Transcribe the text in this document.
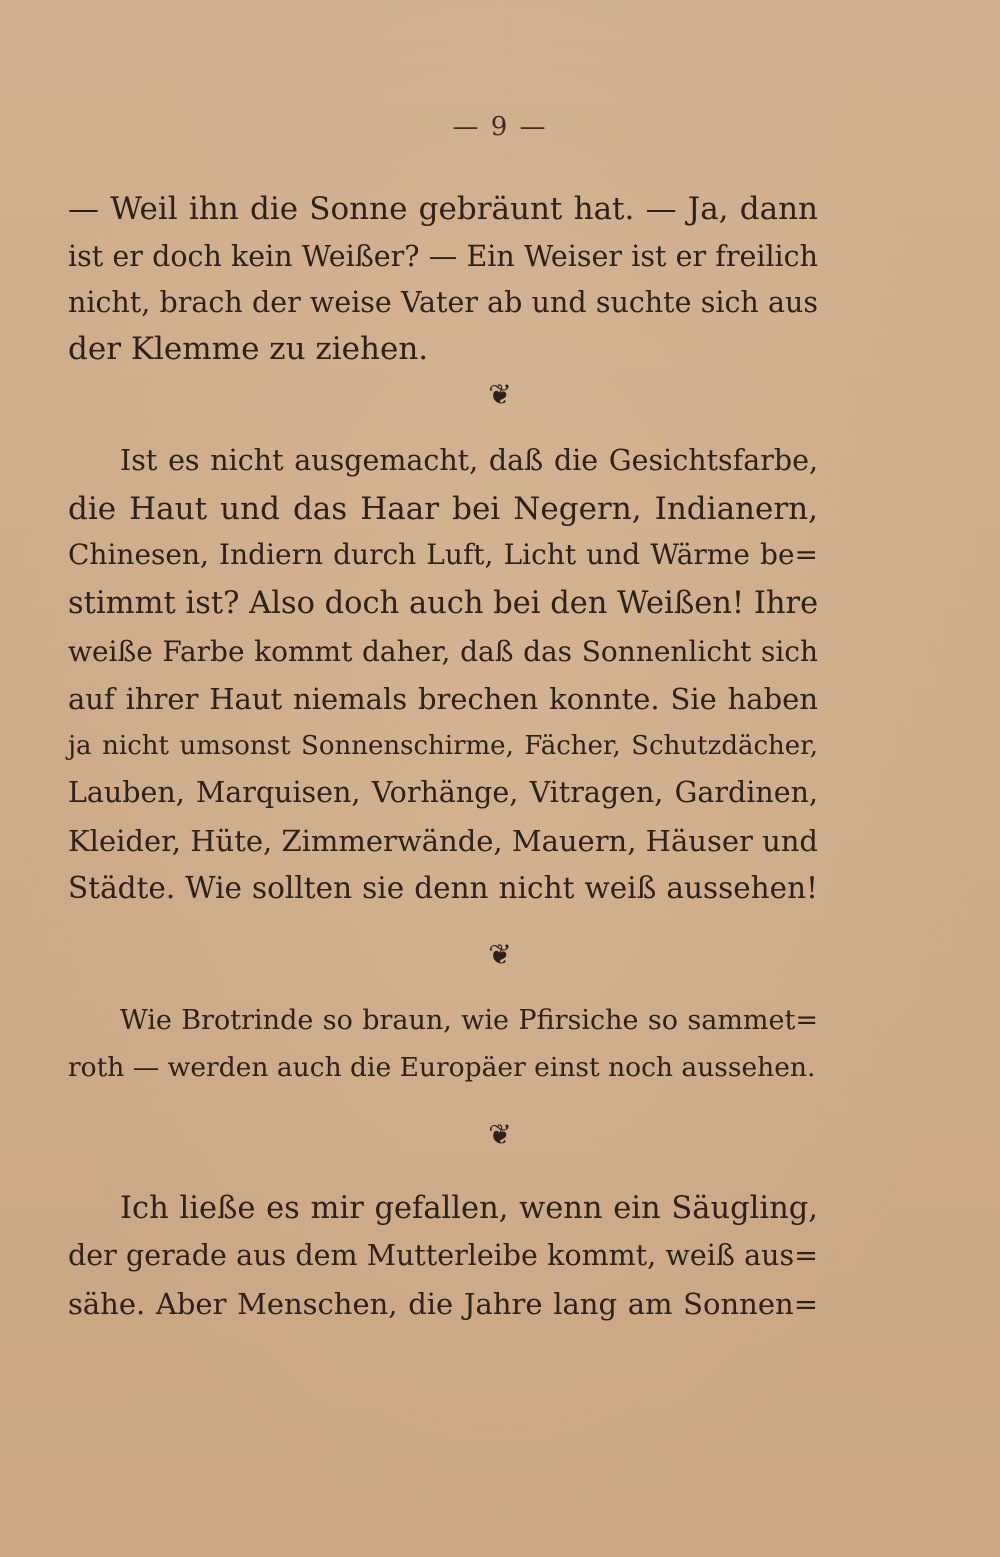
— 9 —
— Weil ihn die Sonne gebräunt hat. — Ja, dann
ist er doch kein Weißer? — Ein Weiser ist er freilich
nicht, brach der weise Vater ab und suchte sich aus
der Klemme zu ziehen.
❦
Ist es nicht ausgemacht, daß die Gesichtsfarbe,
die Haut und das Haar bei Negern, Indianern,
Chinesen, Indiern durch Luft, Licht und Wärme be=
stimmt ist? Also doch auch bei den Weißen! Ihre
weiße Farbe kommt daher, daß das Sonnenlicht sich
auf ihrer Haut niemals brechen konnte. Sie haben
ja nicht umsonst Sonnenschirme, Fächer, Schutzdächer,
Lauben, Marquisen, Vorhänge, Vitragen, Gardinen,
Kleider, Hüte, Zimmerwände, Mauern, Häuser und
Städte. Wie sollten sie denn nicht weiß aussehen!
❦
Wie Brotrinde so braun, wie Pfirsiche so sammet=
roth — werden auch die Europäer einst noch aussehen.
❦
Ich ließe es mir gefallen, wenn ein Säugling,
der gerade aus dem Mutterleibe kommt, weiß aus=
sähe. Aber Menschen, die Jahre lang am Sonnen=
